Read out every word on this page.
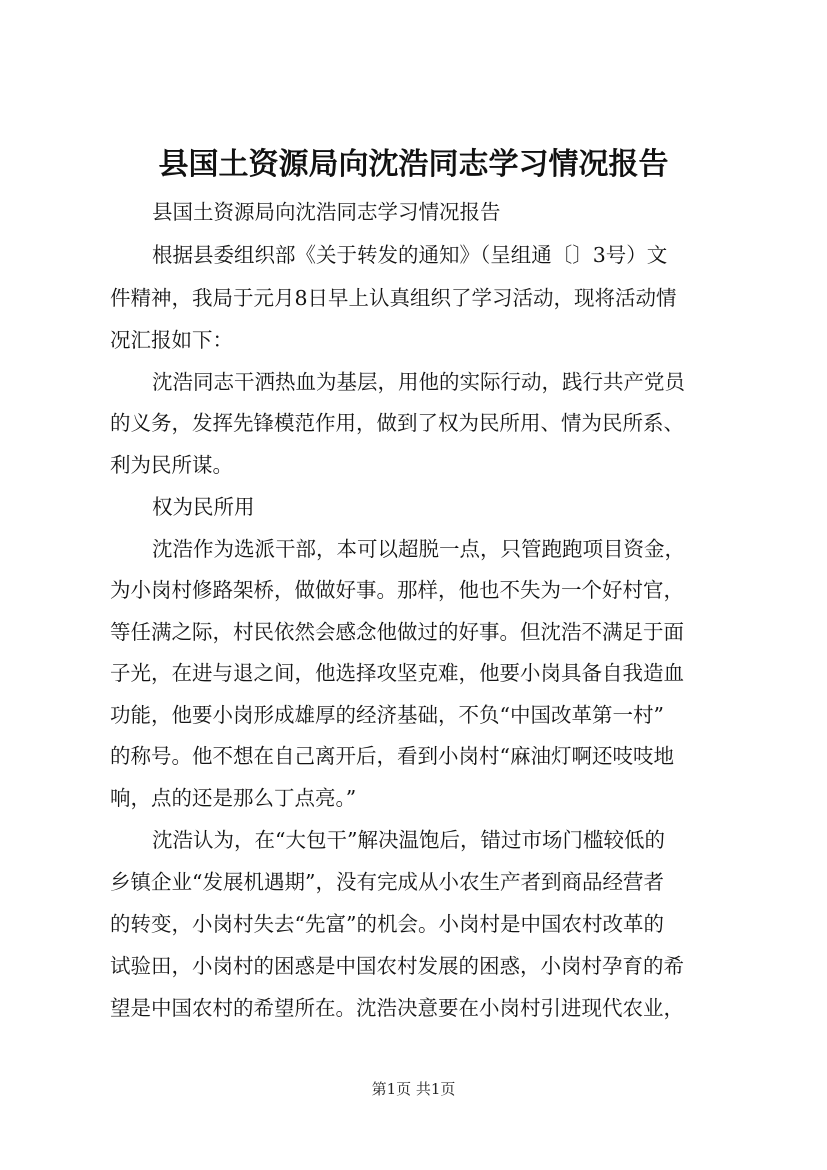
县国土资源局向沈浩同志学习情况报告
县国土资源局向沈浩同志学习情况报告
根据县委组织部《关于转发的通知》（呈组通〔〕3号）文
件精神，我局于元月8日早上认真组织了学习活动，现将活动情
况汇报如下：
沈浩同志干洒热血为基层，用他的实际行动，践行共产党员
的义务，发挥先锋模范作用，做到了权为民所用、情为民所系、
利为民所谋。
权为民所用
沈浩作为选派干部，本可以超脱一点，只管跑跑项目资金，
为小岗村修路架桥，做做好事。那样，他也不失为一个好村官，
等任满之际，村民依然会感念他做过的好事。但沈浩不满足于面
子光，在进与退之间，他选择攻坚克难，他要小岗具备自我造血
功能，他要小岗形成雄厚的经济基础，不负“中国改革第一村”
的称号。他不想在自己离开后，看到小岗村“麻油灯啊还吱吱地
响，点的还是那么丁点亮。”
沈浩认为，在“大包干”解决温饱后，错过市场门槛较低的
乡镇企业“发展机遇期”，没有完成从小农生产者到商品经营者
的转变，小岗村失去“先富”的机会。小岗村是中国农村改革的
试验田，小岗村的困惑是中国农村发展的困惑，小岗村孕育的希
望是中国农村的希望所在。沈浩决意要在小岗村引进现代农业，
第1页 共1页
